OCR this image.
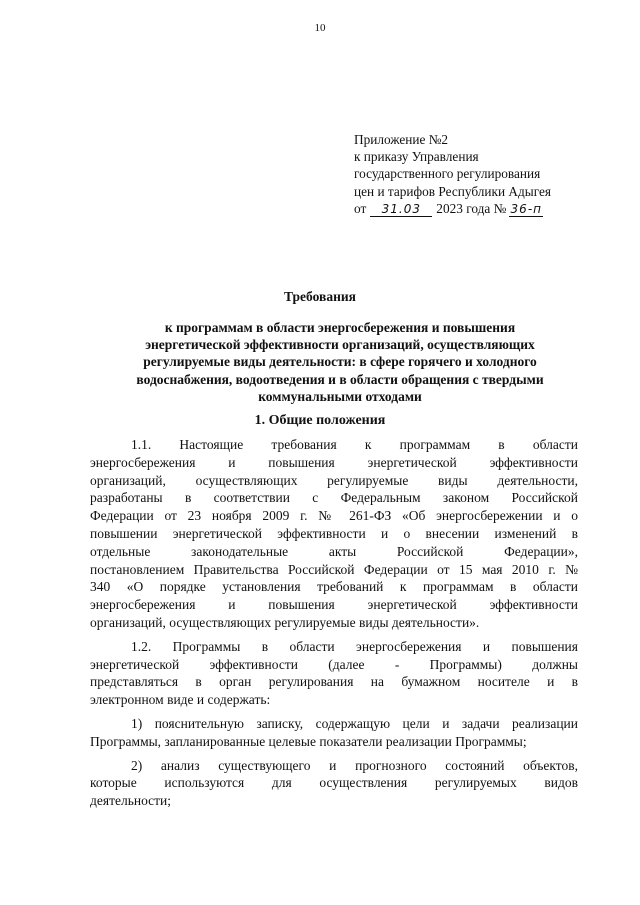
10
Приложение №2
к приказу Управления
государственного регулирования
цен и тарифов Республики Адыгея
от 31.03 2023 года № 36-п
Требования
к программам в области энергосбережения и повышения
энергетической эффективности организаций, осуществляющих
регулируемые виды деятельности: в сфере горячего и холодного
водоснабжения, водоотведения и в области обращения с твердыми
коммунальными отходами
1. Общие положения
1.1. Настоящие требования к программам в области
энергосбережения и повышения энергетической эффективности
организаций, осуществляющих регулируемые виды деятельности,
разработаны в соответствии с Федеральным законом Российской
Федерации от 23 ноября 2009 г. № 261-ФЗ «Об энергосбережении и о
повышении энергетической эффективности и о внесении изменений в
отдельные законодательные акты Российской Федерации»,
постановлением Правительства Российской Федерации от 15 мая 2010 г. №
340 «О порядке установления требований к программам в области
энергосбережения и повышения энергетической эффективности
организаций, осуществляющих регулируемые виды деятельности».
1.2. Программы в области энергосбережения и повышения
энергетической эффективности (далее - Программы) должны
представляться в орган регулирования на бумажном носителе и в
электронном виде и содержать:
1) пояснительную записку, содержащую цели и задачи реализации
Программы, запланированные целевые показатели реализации Программы;
2) анализ существующего и прогнозного состояний объектов,
которые используются для осуществления регулируемых видов
деятельности;
